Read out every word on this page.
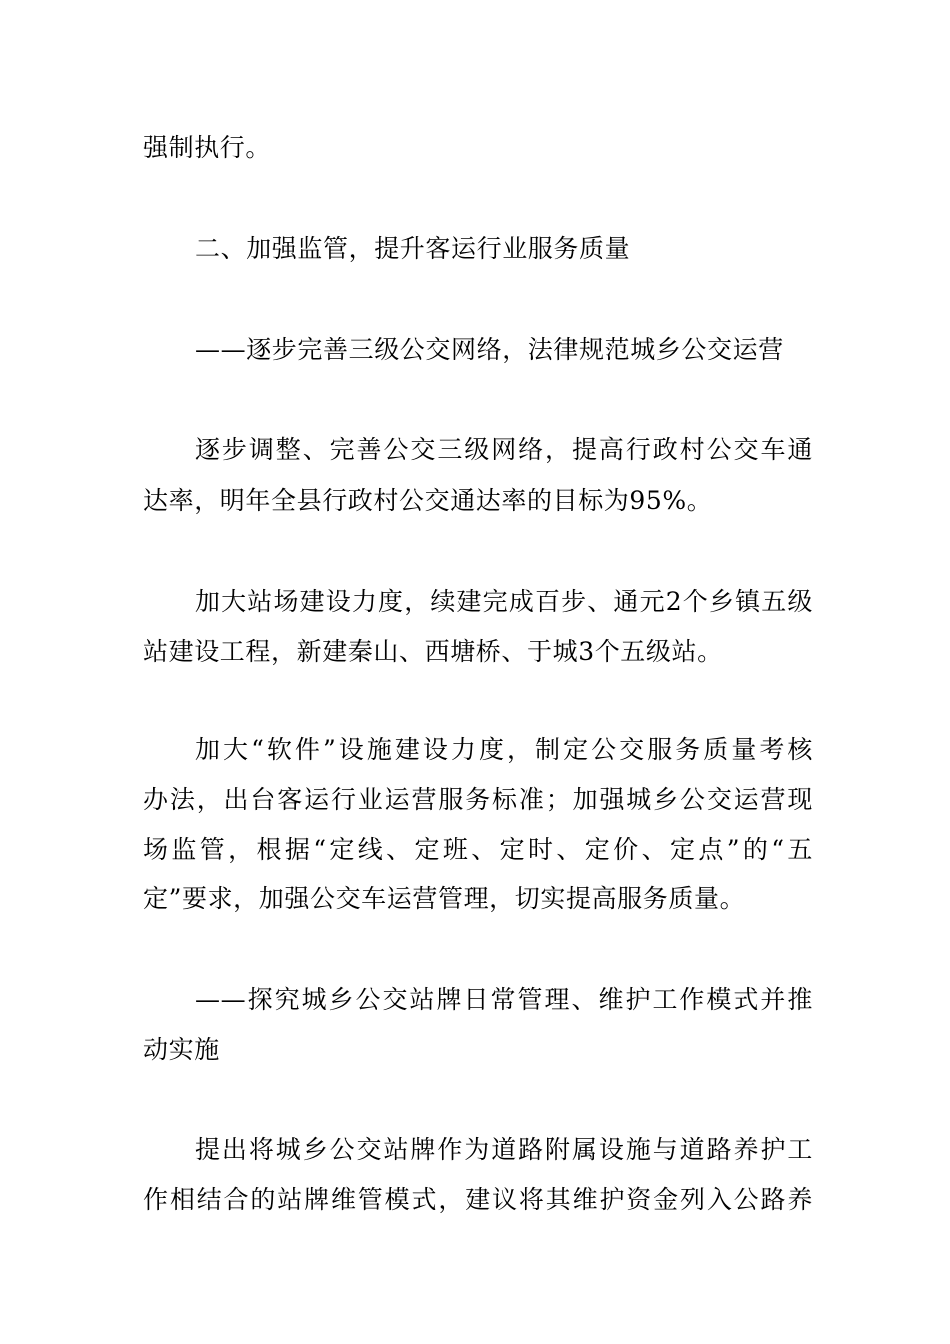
强制执行。
二、加强监管，提升客运行业服务质量
——逐步完善三级公交网络，法律规范城乡公交运营
逐步调整、完善公交三级网络，提高行政村公交车通
达率，明年全县行政村公交通达率的目标为95%。
加大站场建设力度，续建完成百步、通元2个乡镇五级
站建设工程，新建秦山、西塘桥、于城3个五级站。
加大“软件”设施建设力度，制定公交服务质量考核
办法，出台客运行业运营服务标准；加强城乡公交运营现
场监管，根据“定线、定班、定时、定价、定点”的“五
定”要求，加强公交车运营管理，切实提高服务质量。
——探究城乡公交站牌日常管理、维护工作模式并推
动实施
提出将城乡公交站牌作为道路附属设施与道路养护工
作相结合的站牌维管模式，建议将其维护资金列入公路养
